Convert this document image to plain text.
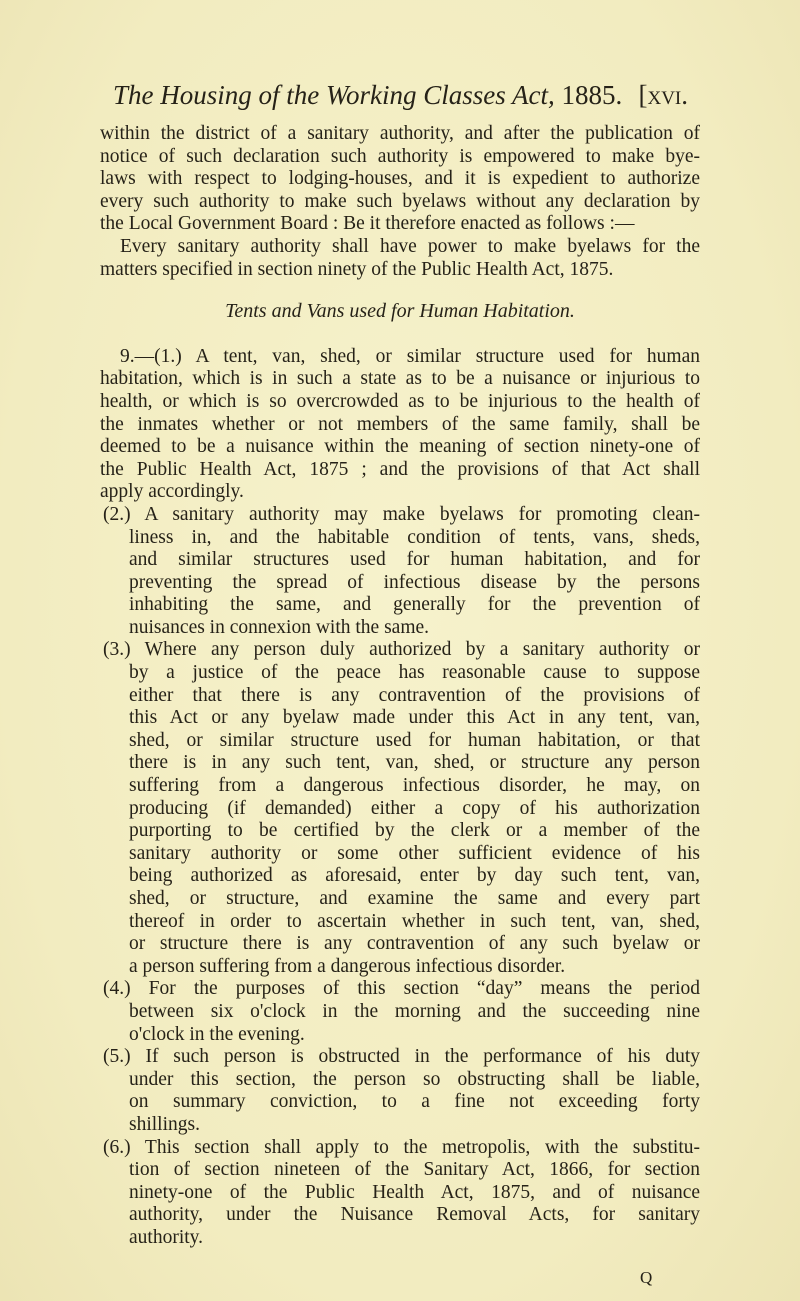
The Housing of the Working Classes Act, 1885. [xvi.
within the district of a sanitary authority, and after the publication of
notice of such declaration such authority is empowered to make bye-
laws with respect to lodging-houses, and it is expedient to authorize
every such authority to make such byelaws without any declaration by
the Local Government Board : Be it therefore enacted as follows :—
Every sanitary authority shall have power to make byelaws for the
matters specified in section ninety of the Public Health Act, 1875.
Tents and Vans used for Human Habitation.
9.—(1.) A tent, van, shed, or similar structure used for human
habitation, which is in such a state as to be a nuisance or injurious to
health, or which is so overcrowded as to be injurious to the health of
the inmates whether or not members of the same family, shall be
deemed to be a nuisance within the meaning of section ninety-one of
the Public Health Act, 1875 ; and the provisions of that Act shall
apply accordingly.
(2.) A sanitary authority may make byelaws for promoting clean-
liness in, and the habitable condition of tents, vans, sheds,
and similar structures used for human habitation, and for
preventing the spread of infectious disease by the persons
inhabiting the same, and generally for the prevention of
nuisances in connexion with the same.
(3.) Where any person duly authorized by a sanitary authority or
by a justice of the peace has reasonable cause to suppose
either that there is any contravention of the provisions of
this Act or any byelaw made under this Act in any tent, van,
shed, or similar structure used for human habitation, or that
there is in any such tent, van, shed, or structure any person
suffering from a dangerous infectious disorder, he may, on
producing (if demanded) either a copy of his authorization
purporting to be certified by the clerk or a member of the
sanitary authority or some other sufficient evidence of his
being authorized as aforesaid, enter by day such tent, van,
shed, or structure, and examine the same and every part
thereof in order to ascertain whether in such tent, van, shed,
or structure there is any contravention of any such byelaw or
a person suffering from a dangerous infectious disorder.
(4.) For the purposes of this section “day” means the period
between six o'clock in the morning and the succeeding nine
o'clock in the evening.
(5.) If such person is obstructed in the performance of his duty
under this section, the person so obstructing shall be liable,
on summary conviction, to a fine not exceeding forty
shillings.
(6.) This section shall apply to the metropolis, with the substitu-
tion of section nineteen of the Sanitary Act, 1866, for section
ninety-one of the Public Health Act, 1875, and of nuisance
authority, under the Nuisance Removal Acts, for sanitary
authority.
Q
